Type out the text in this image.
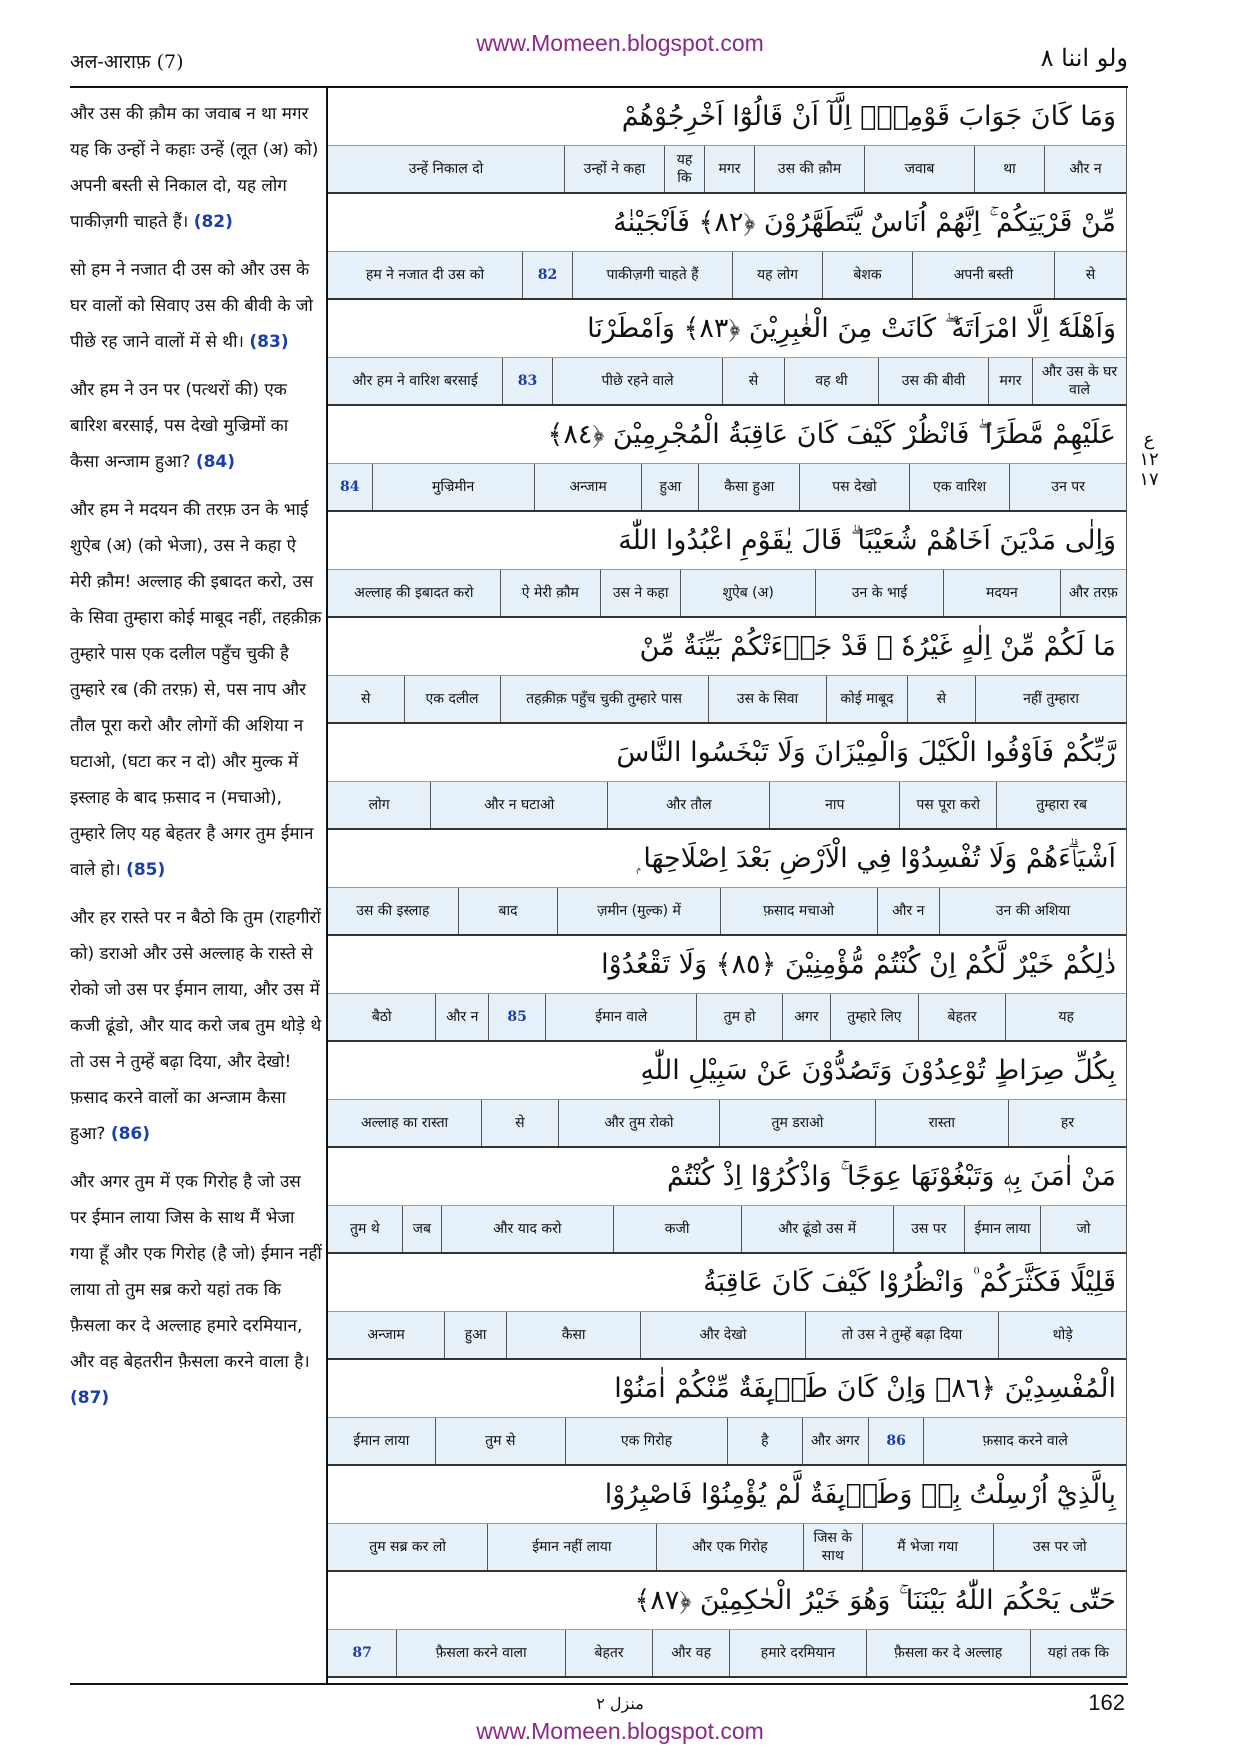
अल-आराफ़ (7)
www.Momeen.blogspot.com
ولو اننا ٨

और उस की क़ौम का जवाब न था मगर यह कि उन्हों ने कहाः उन्हें (लूत (अ) को) अपनी बस्ती से निकाल दो, यह लोग पाकीज़गी चाहते हैं। (82)

सो हम ने नजात दी उस को और उस के घर वालों को सिवाए उस की बीवी के जो पीछे रह जाने वालों में से थी। (83)

और हम ने उन पर (पत्थरों की) एक बारिश बरसाई, पस देखो मुज्रिमों का कैसा अन्जाम हुआ? (84)

और हम ने मदयन की तरफ़ उन के भाई शुऐब (अ) (को भेजा), उस ने कहा ऐ मेरी क़ौम! अल्लाह की इबादत करो, उस के सिवा तुम्हारा कोई माबूद नहीं, तहक़ीक़ तुम्हारे पास एक दलील पहुँच चुकी है तुम्हारे रब (की तरफ़) से, पस नाप और तौल पूरा करो और लोगों की अशिया न घटाओ, (घटा कर न दो) और मुल्क में इस्लाह के बाद फ़साद न (मचाओ), तुम्हारे लिए यह बेहतर है अगर तुम ईमान वाले हो। (85)

और हर रास्ते पर न बैठो कि तुम (राहगीरों को) डराओ और उसे अल्लाह के रास्ते से रोको जो उस पर ईमान लाया, और उस में कजी ढूंडो, और याद करो जब तुम थोड़े थे तो उस ने तुम्हें बढ़ा दिया, और देखो! फ़साद करने वालों का अन्जाम कैसा हुआ? (86)

और अगर तुम में एक गिरोह है जो उस पर ईमान लाया जिस के साथ मैं भेजा गया हूँ और एक गिरोह (है जो) ईमान नहीं लाया तो तुम सब्र करो यहां तक कि फ़ैसला कर दे अल्लाह हमारे दरमियान, और वह बेहतरीन फ़ैसला करने वाला है। (87)

وَمَا كَانَ جَوَابَ قَوْمِهٖٓ اِلَّآ اَنْ قَالُوْٓا اَخْرِجُوْهُمْ
और न
था
जवाब
उस की क़ौम
मगर
यह कि
उन्हों ने कहा
उन्हें निकाल दो
مِّنْ قَرْيَتِكُمْ ۚ اِنَّهُمْ اُنَاسٌ يَّتَطَهَّرُوْنَ ﴿٨٢﴾ فَاَنْجَيْنٰهُ
से
अपनी बस्ती
बेशक
यह लोग
पाकीज़गी चाहते हैं
82
हम ने नजात दी उस को
وَاَهْلَهٗٓ اِلَّا امْرَاَتَهٗ ۖ كَانَتْ مِنَ الْغٰبِرِيْنَ ﴿٨٣﴾ وَاَمْطَرْنَا
और उस के घर वाले
मगर
उस की बीवी
वह थी
से
पीछे रहने वाले
83
और हम ने वारिश बरसाई
عَلَيْهِمْ مَّطَرًا ۖ فَانْظُرْ كَيْفَ كَانَ عَاقِبَةُ الْمُجْرِمِيْنَ ﴿٨٤﴾
उन पर
एक वारिश
पस देखो
कैसा हुआ
हुआ
अन्जाम
मुज्रिमीन
84
وَاِلٰى مَدْيَنَ اَخَاهُمْ شُعَيْبًا ۗ قَالَ يٰقَوْمِ اعْبُدُوا اللّٰهَ
और तरफ़
मदयन
उन के भाई
शुऐब (अ)
उस ने कहा
ऐ मेरी क़ौम
अल्लाह की इबादत करो
مَا لَكُمْ مِّنْ اِلٰهٍ غَيْرُهٗ ۭ قَدْ جَاۗءَتْكُمْ بَيِّنَةٌ مِّنْ
नहीं तुम्हारा
से
कोई माबूद
उस के सिवा
तहक़ीक़ पहुँच चुकी तुम्हारे पास
एक दलील
से
رَّبِّكُمْ فَاَوْفُوا الْكَيْلَ وَالْمِيْزَانَ وَلَا تَبْخَسُوا النَّاسَ
तुम्हारा रब
पस पूरा करो
नाप
और तौल
और न घटाओ
लोग
اَشْيَاۗءَهُمْ وَلَا تُفْسِدُوْا فِي الْاَرْضِ بَعْدَ اِصْلَاحِهَا ۭ
उन की अशिया
और न
फ़साद मचाओ
ज़मीन (मुल्क) में
बाद
उस की इस्लाह
ذٰلِكُمْ خَيْرٌ لَّكُمْ اِنْ كُنْتُمْ مُّؤْمِنِيْنَ ﴿٨٥﴾ وَلَا تَقْعُدُوْا
यह
बेहतर
तुम्हारे लिए
अगर
तुम हो
ईमान वाले
85
और न
बैठो
بِكُلِّ صِرَاطٍ تُوْعِدُوْنَ وَتَصُدُّوْنَ عَنْ سَبِيْلِ اللّٰهِ
हर
रास्ता
तुम डराओ
और तुम रोको
से
अल्लाह का रास्ता
مَنْ اٰمَنَ بِهٖ وَتَبْغُوْنَهَا عِوَجًا ۚ وَاذْكُرُوْٓا اِذْ كُنْتُمْ
जो
ईमान लाया
उस पर
और ढूंडो उस में
कजी
और याद करो
जब
तुम थे
قَلِيْلًا فَكَثَّرَكُمْ ۠ وَانْظُرُوْا كَيْفَ كَانَ عَاقِبَةُ
थोड़े
तो उस ने तुम्हें बढ़ा दिया
और देखो
कैसा
हुआ
अन्जाम
الْمُفْسِدِيْنَ ﴿٨٦﴾ وَاِنْ كَانَ طَاۗىِٕفَةٌ مِّنْكُمْ اٰمَنُوْا
फ़साद करने वाले
86
और अगर
है
एक गिरोह
तुम से
ईमान लाया
بِالَّذِيْٓ اُرْسِلْتُ بِهٖ وَطَاۗىِٕفَةٌ لَّمْ يُؤْمِنُوْا فَاصْبِرُوْا
उस पर जो
मैं भेजा गया
जिस के साथ
और एक गिरोह
ईमान नहीं लाया
तुम सब्र कर लो
حَتّٰى يَحْكُمَ اللّٰهُ بَيْنَنَا ۚ وَهُوَ خَيْرُ الْحٰكِمِيْنَ ﴿٨٧﴾
यहां तक कि
फ़ैसला कर दे अल्लाह
हमारे दरमियान
और वह
बेहतर
फ़ैसला करने वाला
87
ع
١٢
١٧
منزل ٢	162
www.Momeen.blogspot.com
